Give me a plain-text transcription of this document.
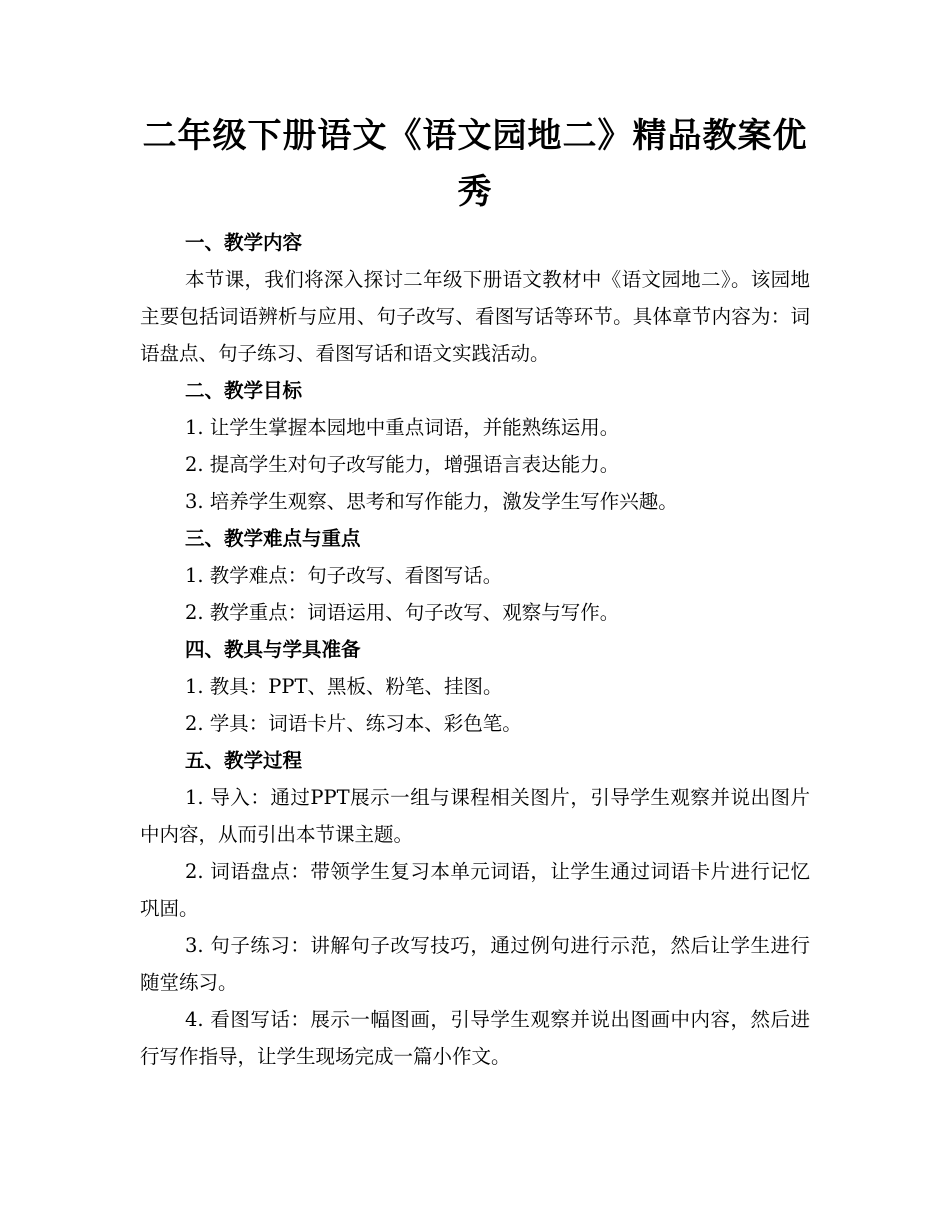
二年级下册语文《语文园地二》精品教案优秀

一、教学内容

本节课，我们将深入探讨二年级下册语文教材中《语文园地二》。该园地主要包括词语辨析与应用、句子改写、看图写话等环节。具体章节内容为：词语盘点、句子练习、看图写话和语文实践活动。

二、教学目标

1. 让学生掌握本园地中重点词语，并能熟练运用。

2. 提高学生对句子改写能力，增强语言表达能力。

3. 培养学生观察、思考和写作能力，激发学生写作兴趣。

三、教学难点与重点

1. 教学难点：句子改写、看图写话。

2. 教学重点：词语运用、句子改写、观察与写作。

四、教具与学具准备

1. 教具：PPT、黑板、粉笔、挂图。

2. 学具：词语卡片、练习本、彩色笔。

五、教学过程

1. 导入：通过PPT展示一组与课程相关图片，引导学生观察并说出图片中内容，从而引出本节课主题。

2. 词语盘点：带领学生复习本单元词语，让学生通过词语卡片进行记忆巩固。

3. 句子练习：讲解句子改写技巧，通过例句进行示范，然后让学生进行随堂练习。

4. 看图写话：展示一幅图画，引导学生观察并说出图画中内容，然后进行写作指导，让学生现场完成一篇小作文。
